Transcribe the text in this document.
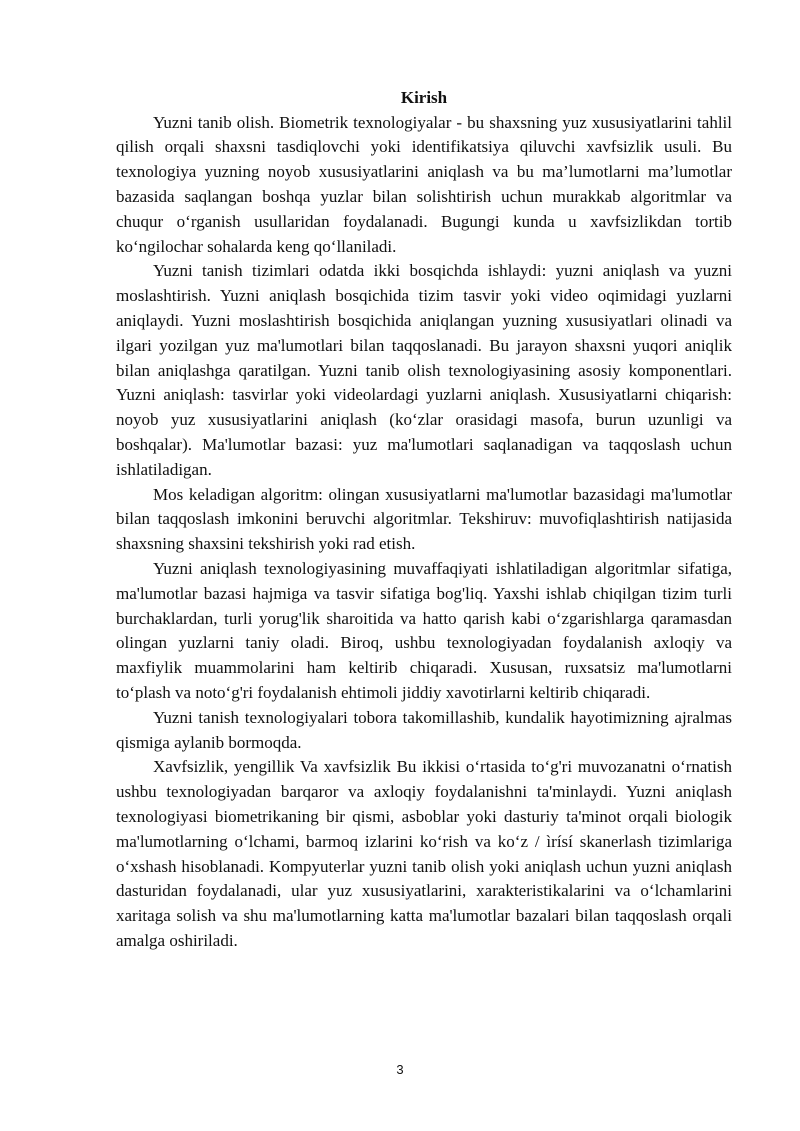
Kirish

Yuzni tanib olish. Biometrik texnologiyalar - bu shaxsning yuz xususiyatlarini tahlil qilish orqali shaxsni tasdiqlovchi yoki identifikatsiya qiluvchi xavfsizlik usuli. Bu texnologiya yuzning noyob xususiyatlarini aniqlash va bu ma’lumotlarni ma’lumotlar bazasida saqlangan boshqa yuzlar bilan solishtirish uchun murakkab algoritmlar va chuqur o‘rganish usullaridan foydalanadi. Bugungi kunda u xavfsizlikdan tortib ko‘ngilochar sohalarda keng qo‘llaniladi.

Yuzni tanish tizimlari odatda ikki bosqichda ishlaydi: yuzni aniqlash va yuzni moslashtirish. Yuzni aniqlash bosqichida tizim tasvir yoki video oqimidagi yuzlarni aniqlaydi. Yuzni moslashtirish bosqichida aniqlangan yuzning xususiyatlari olinadi va ilgari yozilgan yuz ma'lumotlari bilan taqqoslanadi. Bu jarayon shaxsni yuqori aniqlik bilan aniqlashga qaratilgan. Yuzni tanib olish texnologiyasining asosiy komponentlari. Yuzni aniqlash: tasvirlar yoki videolardagi yuzlarni aniqlash. Xususiyatlarni chiqarish: noyob yuz xususiyatlarini aniqlash (ko‘zlar orasidagi masofa, burun uzunligi va boshqalar). Ma'lumotlar bazasi: yuz ma'lumotlari saqlanadigan va taqqoslash uchun ishlatiladigan.

Mos keladigan algoritm: olingan xususiyatlarni ma'lumotlar bazasidagi ma'lumotlar bilan taqqoslash imkonini beruvchi algoritmlar. Tekshiruv: muvofiqlashtirish natijasida shaxsning shaxsini tekshirish yoki rad etish.

Yuzni aniqlash texnologiyasining muvaffaqiyati ishlatiladigan algoritmlar sifatiga, ma'lumotlar bazasi hajmiga va tasvir sifatiga bog'liq. Yaxshi ishlab chiqilgan tizim turli burchaklardan, turli yorug'lik sharoitida va hatto qarish kabi o‘zgarishlarga qaramasdan olingan yuzlarni taniy oladi. Biroq, ushbu texnologiyadan foydalanish axloqiy va maxfiylik muammolarini ham keltirib chiqaradi. Xususan, ruxsatsiz ma'lumotlarni to‘plash va noto‘g'ri foydalanish ehtimoli jiddiy xavotirlarni keltirib chiqaradi.

Yuzni tanish texnologiyalari tobora takomillashib, kundalik hayotimizning ajralmas qismiga aylanib bormoqda.

Xavfsizlik, yengillik Va xavfsizlik Bu ikkisi o‘rtasida to‘g'ri muvozanatni o‘rnatish ushbu texnologiyadan barqaror va axloqiy foydalanishni ta'minlaydi. Yuzni aniqlash texnologiyasi biometrikaning bir qismi, asboblar yoki dasturiy ta'minot orqali biologik ma'lumotlarning o‘lchami, barmoq izlarini ko‘rish va ko‘z / ìrísí skanerlash tizimlariga o‘xshash hisoblanadi. Kompyuterlar yuzni tanib olish yoki aniqlash uchun yuzni aniqlash dasturidan foydalanadi, ular yuz xususiyatlarini, xarakteristikalarini va o‘lchamlarini xaritaga solish va shu ma'lumotlarning katta ma'lumotlar bazalari bilan taqqoslash orqali amalga oshiriladi.

3
